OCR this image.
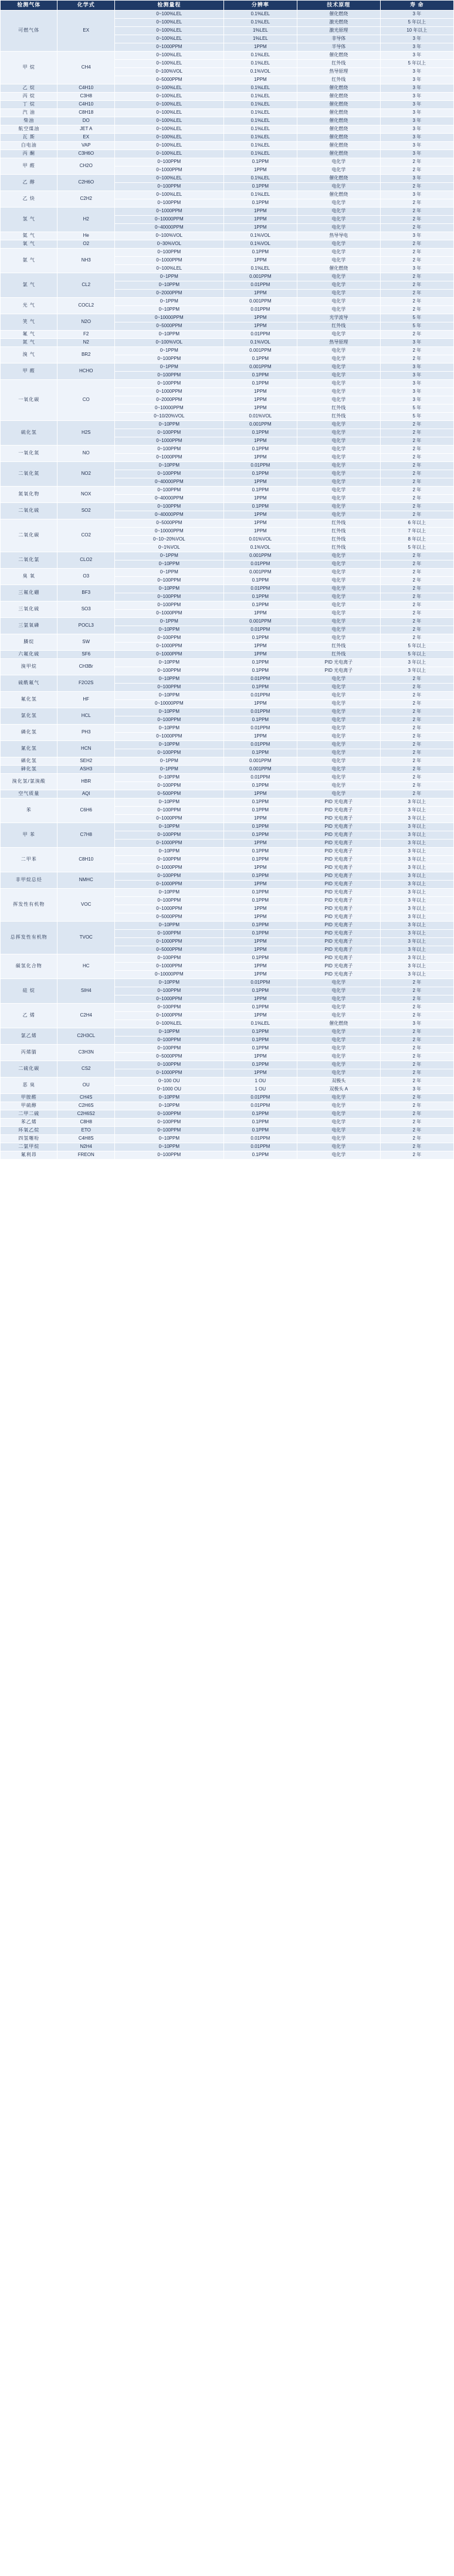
检测气体	化学式	检测量程	分辨率	技术原理	寿 命
可燃气体	EX	0~100%LEL	0.1%LEL	催化燃烧	3 年
		0~100%LEL	0.1%LEL	激光燃烧	5 年以上
		0~100%LEL	1%LEL	激光原理	10 年以上
		0~100%LEL	1%LEL	非导体	3 年
		0~1000PPM	1PPM	半导体	3 年
甲 烷	CH4	0~100%LEL	0.1%LEL	催化燃烧	3 年
		0~100%LEL	0.1%LEL	红外线	5 年以上
		0~100%VOL	0.1%VOL	热导原理	3 年
		0~5000PPM	1PPM	红外线	3 年
乙 烷	C4H10	0~100%LEL	0.1%LEL	催化燃烧	3 年
丙 烷	C3H8	0~100%LEL	0.1%LEL	催化燃烧	3 年
丁 烷	C4H10	0~100%LEL	0.1%LEL	催化燃烧	3 年
汽 油	C8H18	0~100%LEL	0.1%LEL	催化燃烧	3 年
柴油	DO	0~100%LEL	0.1%LEL	催化燃烧	3 年
航空煤油	JET A	0~100%LEL	0.1%LEL	催化燃烧	3 年
瓦 斯	EX	0~100%LEL	0.1%LEL	催化燃烧	3 年
白电油	VAP	0~100%LEL	0.1%LEL	催化燃烧	3 年
丙 酮	C3H6O	0~100%LEL	0.1%LEL	催化燃烧	3 年
甲 醛	CH2O	0~100PPM	0.1PPM	电化学	2 年
		0~1000PPM	1PPM	电化学	2 年
乙 醇	C2H6O	0~100%LEL	0.1%LEL	催化燃烧	3 年
		0~100PPM	0.1PPM	电化学	2 年
乙 炔	C2H2	0~100%LEL	0.1%LEL	催化燃烧	3 年
		0~100PPM	0.1PPM	电化学	2 年
氢 气	H2	0~1000PPM	1PPM	电化学	2 年
		0~10000PPM	1PPM	电化学	2 年
		0~40000PPM	1PPM	电化学	2 年
氦 气	He	0~100%VOL	0.1%VOL	热导导电	3 年
氧 气	O2	0~30%VOL	0.1%VOL	电化学	2 年
氨 气	NH3	0~100PPM	0.1PPM	电化学	2 年
		0~1000PPM	1PPM	电化学	2 年
		0~100%LEL	0.1%LEL	催化燃烧	3 年
氯 气	CL2	0~1PPM	0.001PPM	电化学	2 年
		0~10PPM	0.01PPM	电化学	2 年
		0~2000PPM	1PPM	电化学	2 年
光 气	COCL2	0~1PPM	0.001PPM	电化学	2 年
		0~10PPM	0.01PPM	电化学	2 年
笑 气	N2O	0~10000PPM	1PPM	光学波导	5 年
		0~5000PPM	1PPM	红外线	5 年
氟 气	F2	0~10PPM	0.01PPM	电化学	2 年
氮 气	N2	0~100%VOL	0.1%VOL	热导原理	3 年
溴 气	BR2	0~1PPM	0.001PPM	电化学	2 年
		0~100PPM	0.1PPM	电化学	2 年
甲 醛	HCHO	0~1PPM	0.001PPM	电化学	3 年
		0~100PPM	0.1PPM	电化学	3 年
一氧化碳	CO	0~100PPM	0.1PPM	电化学	3 年
		0~1000PPM	1PPM	电化学	3 年
		0~2000PPM	1PPM	电化学	3 年
		0~10000PPM	1PPM	红外线	5 年
		0~10/20%VOL	0.01%VOL	红外线	5 年
硫化氢	H2S	0~10PPM	0.001PPM	电化学	2 年
		0~100PPM	0.1PPM	电化学	2 年
		0~1000PPM	1PPM	电化学	2 年
一氧化氮	NO	0~100PPM	0.1PPM	电化学	2 年
		0~1000PPM	1PPM	电化学	2 年
二氧化氮	NO2	0~10PPM	0.01PPM	电化学	2 年
		0~100PPM	0.1PPM	电化学	2 年
		0~40000PPM	1PPM	电化学	2 年
氮氧化物	NOX	0~100PPM	0.1PPM	电化学	2 年
		0~40000PPM	1PPM	电化学	2 年
二氧化硫	SO2	0~100PPM	0.1PPM	电化学	2 年
		0~40000PPM	1PPM	电化学	2 年
二氧化碳	CO2	0~5000PPM	1PPM	红外线	6 年以上
		0~10000PPM	1PPM	红外线	7 年以上
		0~10~20%VOL	0.01%VOL	红外线	8 年以上
		0~1%VOL	0.1%VOL	红外线	5 年以上
二氧化氯	CLO2	0~1PPM	0.001PPM	电化学	2 年
		0~10PPM	0.01PPM	电化学	2 年
臭 氧	O3	0~1PPM	0.001PPM	电化学	2 年
		0~100PPM	0.1PPM	电化学	2 年
三氟化硼	BF3	0~10PPM	0.01PPM	电化学	2 年
		0~100PPM	0.1PPM	电化学	2 年
三氧化硫	SO3	0~100PPM	0.1PPM	电化学	2 年
		0~1000PPM	1PPM	电化学	2 年
三氯氧磷	POCL3	0~1PPM	0.001PPM	电化学	2 年
		0~10PPM	0.01PPM	电化学	2 年
膦烷	SW	0~100PPM	0.1PPM	电化学	2 年
		0~1000PPM	1PPM	红外线	5 年以上
六氟化硫	SF6	0~1000PPM	1PPM	红外线	5 年以上
溴甲烷	CH3Br	0~10PPM	0.1PPM	PID 光电离子	3 年以上
		0~100PPM	0.1PPM	PID 光电离子	3 年以上
硫酰氟气	F2O2S	0~10PPM	0.01PPM	电化学	2 年
		0~100PPM	0.1PPM	电化学	2 年
氟化氢	HF	0~10PPM	0.01PPM	电化学	2 年
		0~10000PPM	1PPM	电化学	2 年
氯化氢	HCL	0~10PPM	0.01PPM	电化学	2 年
		0~100PPM	0.1PPM	电化学	2 年
磷化氢	PH3	0~10PPM	0.01PPM	电化学	2 年
		0~1000PPM	1PPM	电化学	2 年
氰化氢	HCN	0~10PPM	0.01PPM	电化学	2 年
		0~100PPM	0.1PPM	电化学	2 年
硒化氢	SEH2	0~1PPM	0.001PPM	电化学	2 年
砷化氢	ASH3	0~1PPM	0.001PPM	电化学	2 年
溴化氢/氯溴酸	HBR	0~10PPM	0.01PPM	电化学	2 年
		0~100PPM	0.1PPM	电化学	2 年
空气质量	AQI	0~500PPM	1PPM	电化学	2 年
苯	C6H6	0~10PPM	0.1PPM	PID 光电离子	3 年以上
		0~100PPM	0.1PPM	PID 光电离子	3 年以上
		0~1000PPM	1PPM	PID 光电离子	3 年以上
甲 苯	C7H8	0~10PPM	0.1PPM	PID 光电离子	3 年以上
		0~100PPM	0.1PPM	PID 光电离子	3 年以上
		0~1000PPM	1PPM	PID 光电离子	3 年以上
二甲苯	C8H10	0~10PPM	0.1PPM	PID 光电离子	3 年以上
		0~100PPM	0.1PPM	PID 光电离子	3 年以上
		0~1000PPM	1PPM	PID 光电离子	3 年以上
非甲烷总烃	NMHC	0~100PPM	0.1PPM	PID 光电离子	3 年以上
		0~1000PPM	1PPM	PID 光电离子	3 年以上
挥发性有机物	VOC	0~10PPM	0.1PPM	PID 光电离子	3 年以上
		0~100PPM	0.1PPM	PID 光电离子	3 年以上
		0~1000PPM	1PPM	PID 光电离子	3 年以上
		0~5000PPM	1PPM	PID 光电离子	3 年以上
总挥发性有机物	TVOC	0~10PPM	0.1PPM	PID 光电离子	3 年以上
		0~100PPM	0.1PPM	PID 光电离子	3 年以上
		0~1000PPM	1PPM	PID 光电离子	3 年以上
		0~5000PPM	1PPM	PID 光电离子	3 年以上
碳氢化合物	HC	0~100PPM	0.1PPM	PID 光电离子	3 年以上
		0~1000PPM	1PPM	PID 光电离子	3 年以上
		0~10000PPM	1PPM	PID 光电离子	3 年以上
硅 烷	SIH4	0~10PPM	0.01PPM	电化学	2 年
		0~100PPM	0.1PPM	电化学	2 年
		0~1000PPM	1PPM	电化学	2 年
乙 烯	C2H4	0~100PPM	0.1PPM	电化学	2 年
		0~1000PPM	1PPM	电化学	2 年
		0~100%LEL	0.1%LEL	催化燃烧	3 年
氯乙烯	C2H3CL	0~10PPM	0.1PPM	电化学	2 年
		0~100PPM	0.1PPM	电化学	2 年
丙烯腈	C3H3N	0~100PPM	0.1PPM	电化学	2 年
		0~5000PPM	1PPM	电化学	2 年
二硫化碳	CS2	0~100PPM	0.1PPM	电化学	2 年
		0~1000PPM	1PPM	电化学	2 年
恶 臭	OU	0~100 OU	1 OU	双极头	2 年
		0~1000 OU	1 OU	双极头 A	3 年
甲胺醛	CH4S	0~10PPM	0.01PPM	电化学	2 年
甲硫醇	C2H6S	0~10PPM	0.01PPM	电化学	2 年
二甲二硫	C2H6S2	0~100PPM	0.1PPM	电化学	2 年
苯乙烯	C8H8	0~100PPM	0.1PPM	电化学	2 年
环氧乙烷	ETO	0~100PPM	0.1PPM	电化学	2 年
四氢噻吩	C4H8S	0~10PPM	0.01PPM	电化学	2 年
二氯甲烷	N2H4	0~10PPM	0.01PPM	电化学	2 年
氟利昂	FREON	0~100PPM	0.1PPM	电化学	2 年
